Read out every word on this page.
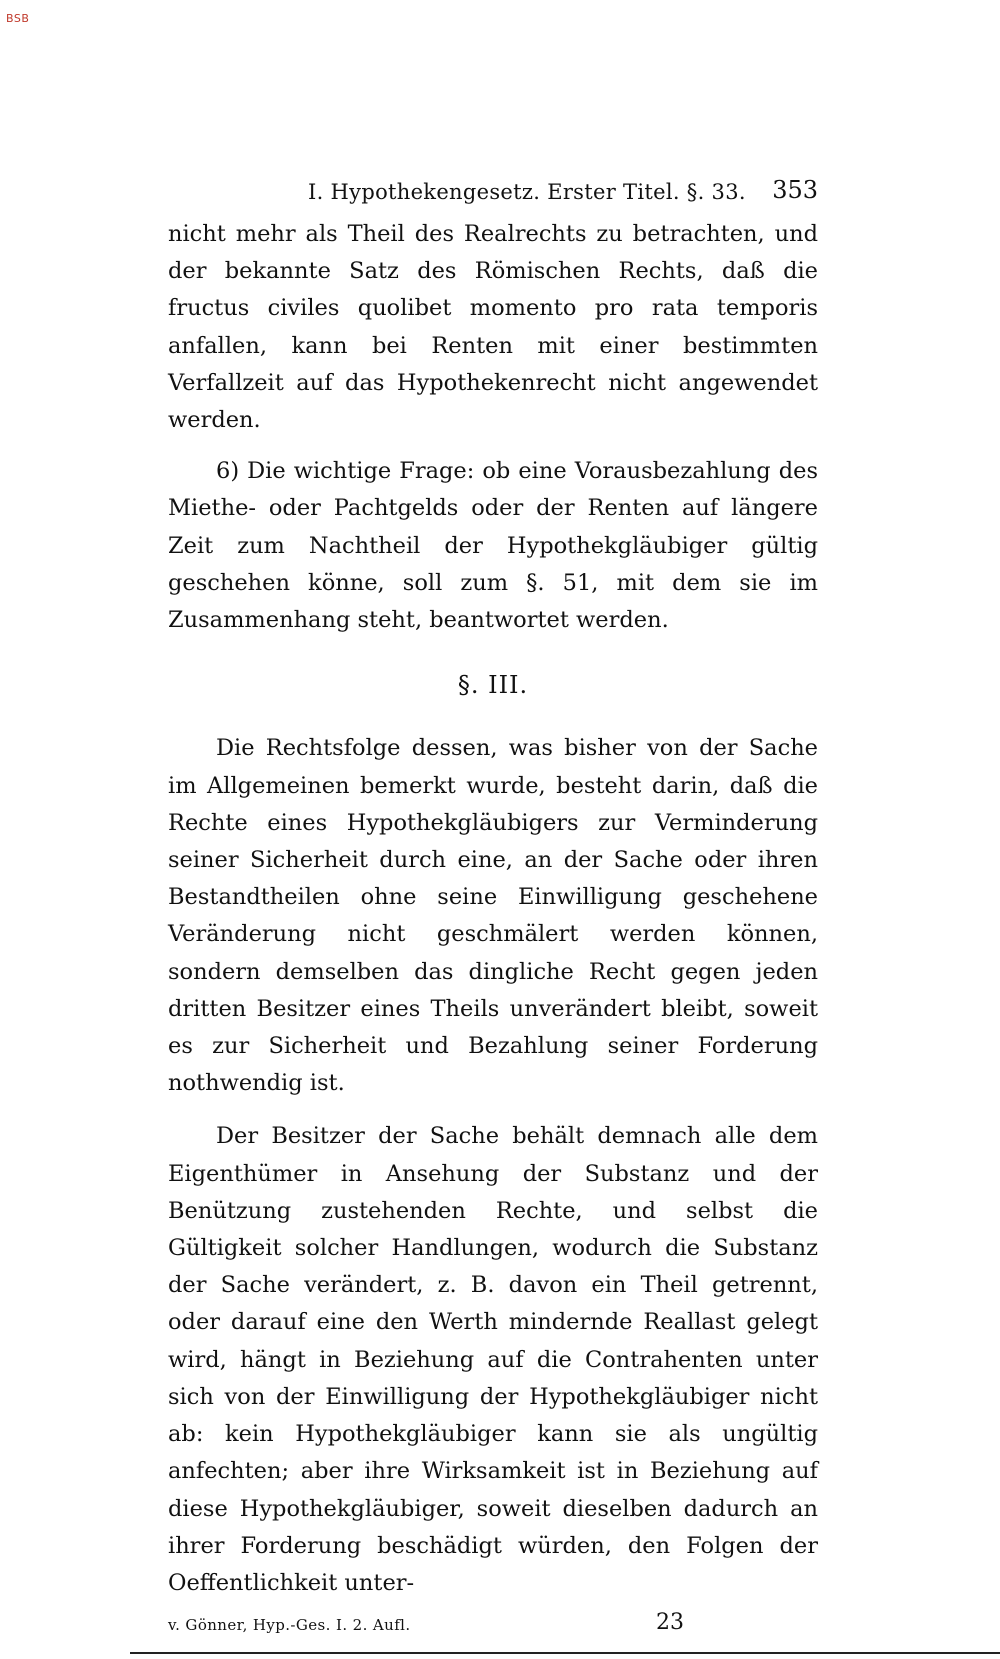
BSB
I. Hypothekengesetz. Erster Titel. §. 33. 353

nicht mehr als Theil des Realrechts zu betrachten, und der bekannte Satz des Römischen Rechts, daß die fructus civiles quolibet momento pro rata temporis anfallen, kann bei Renten mit einer bestimmten Verfallzeit auf das Hypothekenrecht nicht angewendet werden.

6) Die wichtige Frage: ob eine Vorausbezahlung des Miethe- oder Pachtgelds oder der Renten auf längere Zeit zum Nachtheil der Hypothekgläubiger gültig geschehen könne, soll zum §. 51, mit dem sie im Zusammenhang steht, beantwortet werden.

§. III.

Die Rechtsfolge dessen, was bisher von der Sache im Allgemeinen bemerkt wurde, besteht darin, daß die Rechte eines Hypothekgläubigers zur Verminderung seiner Sicherheit durch eine, an der Sache oder ihren Bestandtheilen ohne seine Einwilligung geschehene Veränderung nicht geschmälert werden können, sondern demselben das dingliche Recht gegen jeden dritten Besitzer eines Theils unverändert bleibt, soweit es zur Sicherheit und Bezahlung seiner Forderung nothwendig ist.

Der Besitzer der Sache behält demnach alle dem Eigenthümer in Ansehung der Substanz und der Benützung zustehenden Rechte, und selbst die Gültigkeit solcher Handlungen, wodurch die Substanz der Sache verändert, z. B. davon ein Theil getrennt, oder darauf eine den Werth mindernde Reallast gelegt wird, hängt in Beziehung auf die Contrahenten unter sich von der Einwilligung der Hypothekgläubiger nicht ab: kein Hypothekgläubiger kann sie als ungültig anfechten; aber ihre Wirksamkeit ist in Beziehung auf diese Hypothekgläubiger, soweit dieselben dadurch an ihrer Forderung beschädigt würden, den Folgen der Oeffentlichkeit unter-

v. Gönner, Hyp.-Ges. I. 2. Aufl.	23
